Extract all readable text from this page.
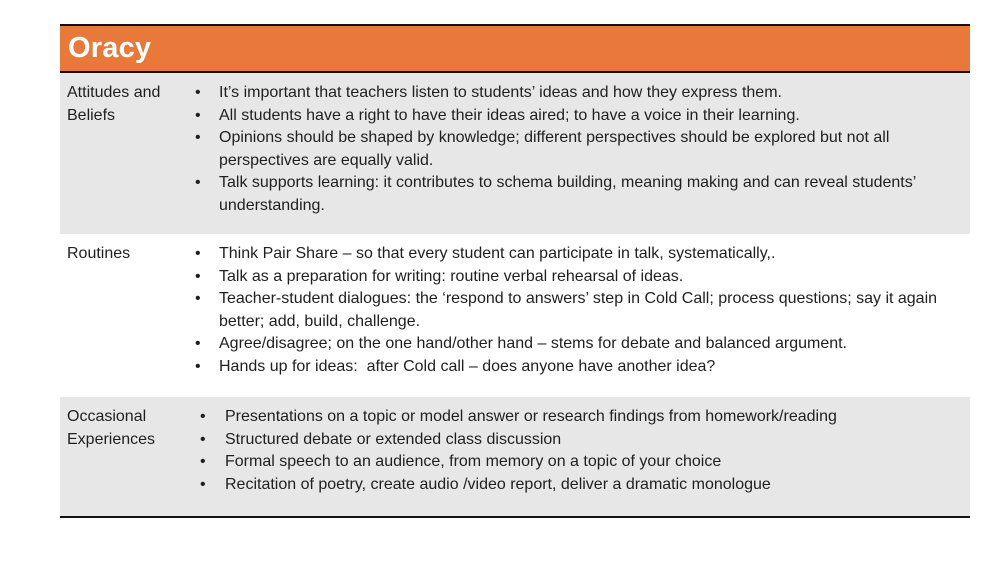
Oracy
Attitudes and Beliefs
• It’s important that teachers listen to students’ ideas and how they express them.
• All students have a right to have their ideas aired; to have a voice in their learning.
• Opinions should be shaped by knowledge; different perspectives should be explored but not all perspectives are equally valid.
• Talk supports learning: it contributes to schema building, meaning making and can reveal students’ understanding.
Routines	• Think Pair Share – so that every student can participate in talk, systematically,.
• Talk as a preparation for writing: routine verbal rehearsal of ideas.
• Teacher-student dialogues: the ‘respond to answers’ step in Cold Call; process questions; say it again better; add, build, challenge.
• Agree/disagree; on the one hand/other hand – stems for debate and balanced argument.
• Hands up for ideas:  after Cold call – does anyone have another idea?
Occasional Experiences
• Presentations on a topic or model answer or research findings from homework/reading
• Structured debate or extended class discussion
• Formal speech to an audience, from memory on a topic of your choice
• Recitation of poetry, create audio /video report, deliver a dramatic monologue
